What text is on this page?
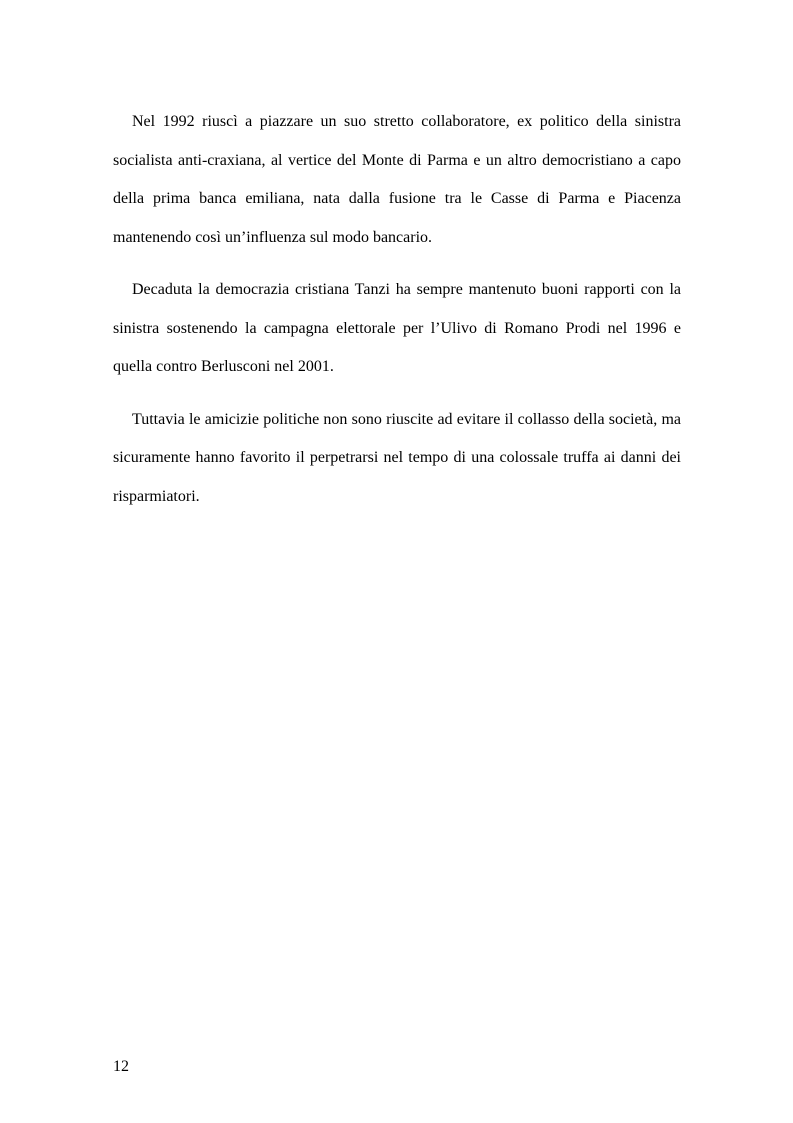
Nel 1992 riuscì a piazzare un suo stretto collaboratore, ex politico della sinistra socialista anti-craxiana, al vertice del Monte di Parma e un altro democristiano a capo della prima banca emiliana, nata dalla fusione tra le Casse di Parma e Piacenza mantenendo così un’influenza sul modo bancario.

Decaduta la democrazia cristiana Tanzi ha sempre mantenuto buoni rapporti con la sinistra sostenendo la campagna elettorale per l’Ulivo di Romano Prodi nel 1996 e quella contro Berlusconi nel 2001.

Tuttavia le amicizie politiche non sono riuscite ad evitare il collasso della società, ma sicuramente hanno favorito il perpetrarsi nel tempo di una colossale truffa ai danni dei risparmiatori.

12
